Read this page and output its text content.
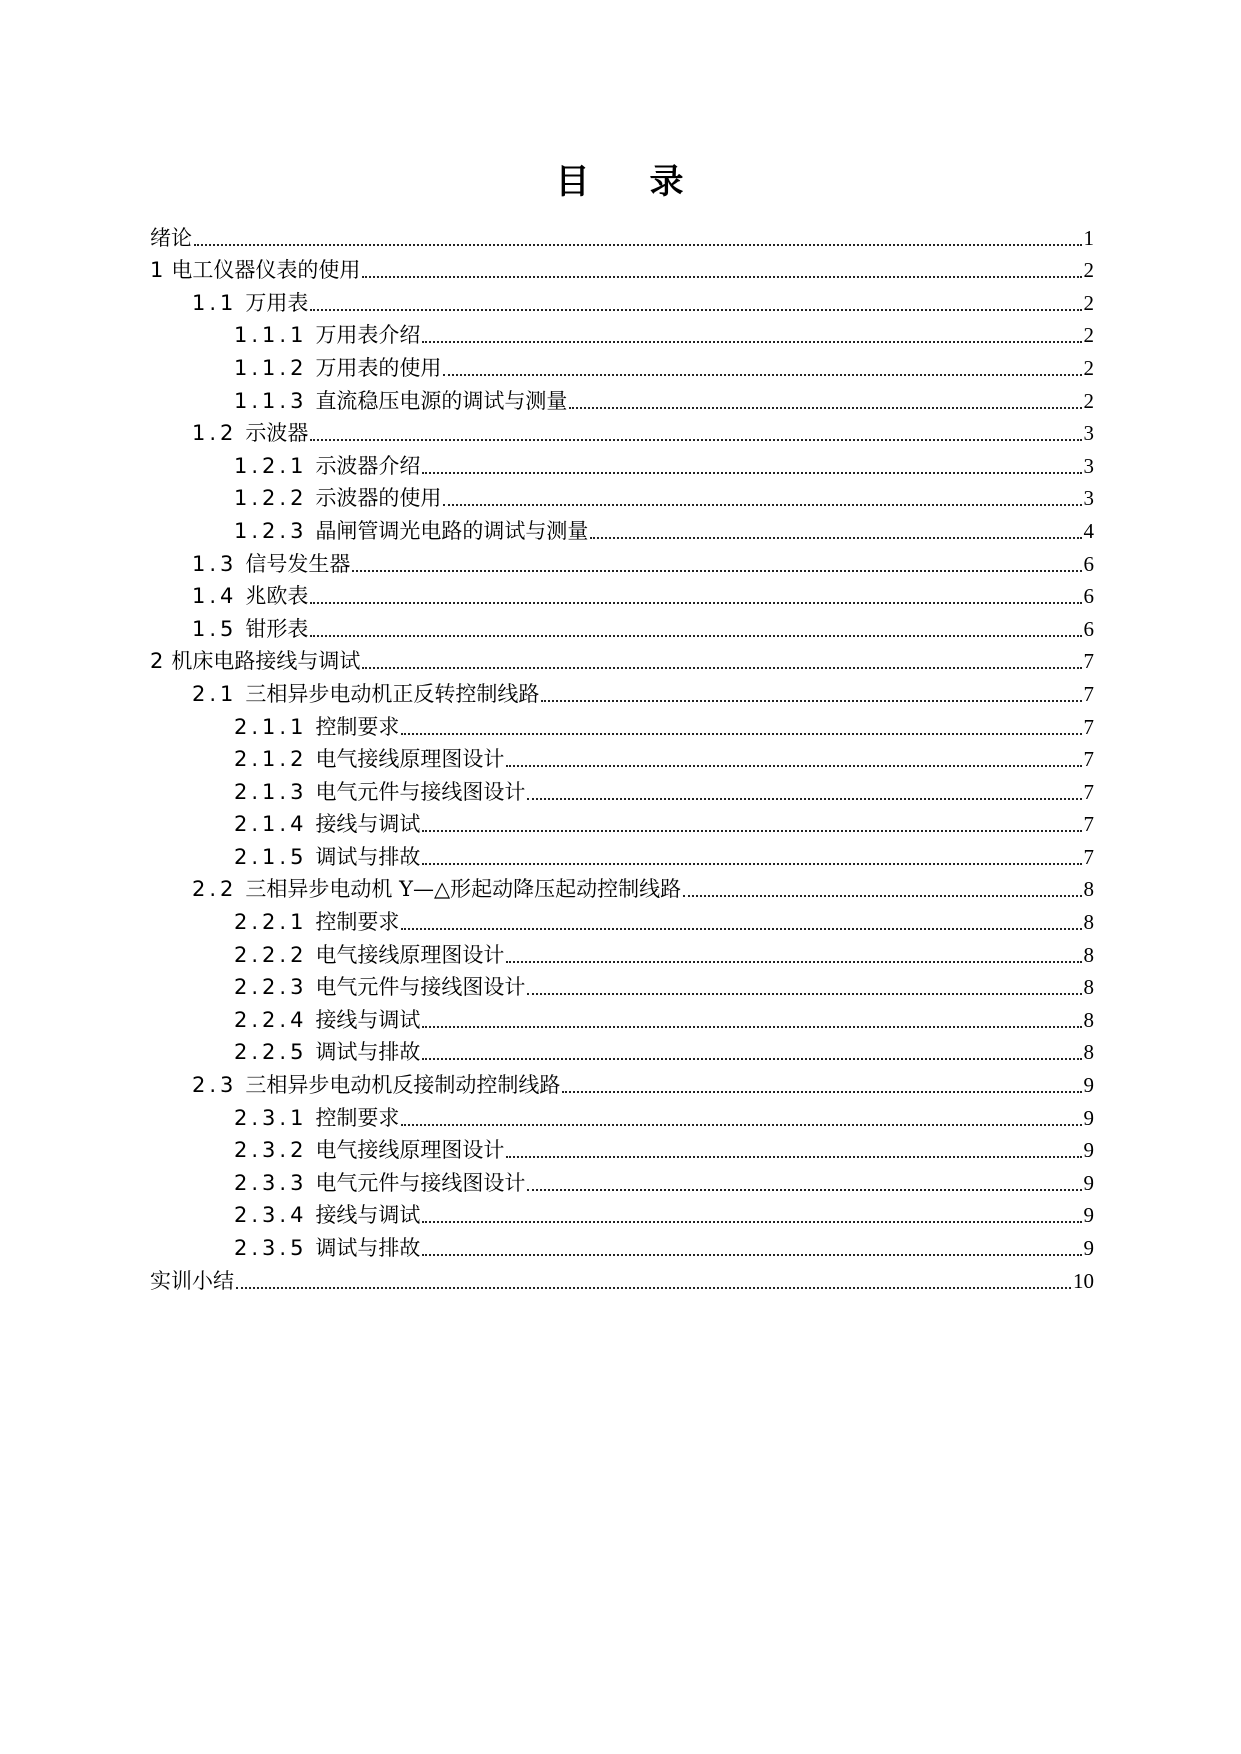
目 录
绪论	1
1 电工仪器仪表的使用	2
1.1 万用表	2
1.1.1 万用表介绍	2
1.1.2 万用表的使用	2
1.1.3 直流稳压电源的调试与测量	2
1.2 示波器	3
1.2.1 示波器介绍	3
1.2.2 示波器的使用	3
1.2.3 晶闸管调光电路的调试与测量	4
1.3 信号发生器	6
1.4 兆欧表	6
1.5 钳形表	6
2 机床电路接线与调试	7
2.1 三相异步电动机正反转控制线路	7
2.1.1 控制要求	7
2.1.2 电气接线原理图设计	7
2.1.3 电气元件与接线图设计	7
2.1.4 接线与调试	7
2.1.5 调试与排故	7
2.2 三相异步电动机 Y—△形起动降压起动控制线路	8
2.2.1 控制要求	8
2.2.2 电气接线原理图设计	8
2.2.3 电气元件与接线图设计	8
2.2.4 接线与调试	8
2.2.5 调试与排故	8
2.3 三相异步电动机反接制动控制线路	9
2.3.1 控制要求	9
2.3.2 电气接线原理图设计	9
2.3.3 电气元件与接线图设计	9
2.3.4 接线与调试	9
2.3.5 调试与排故	9
实训小结	10
